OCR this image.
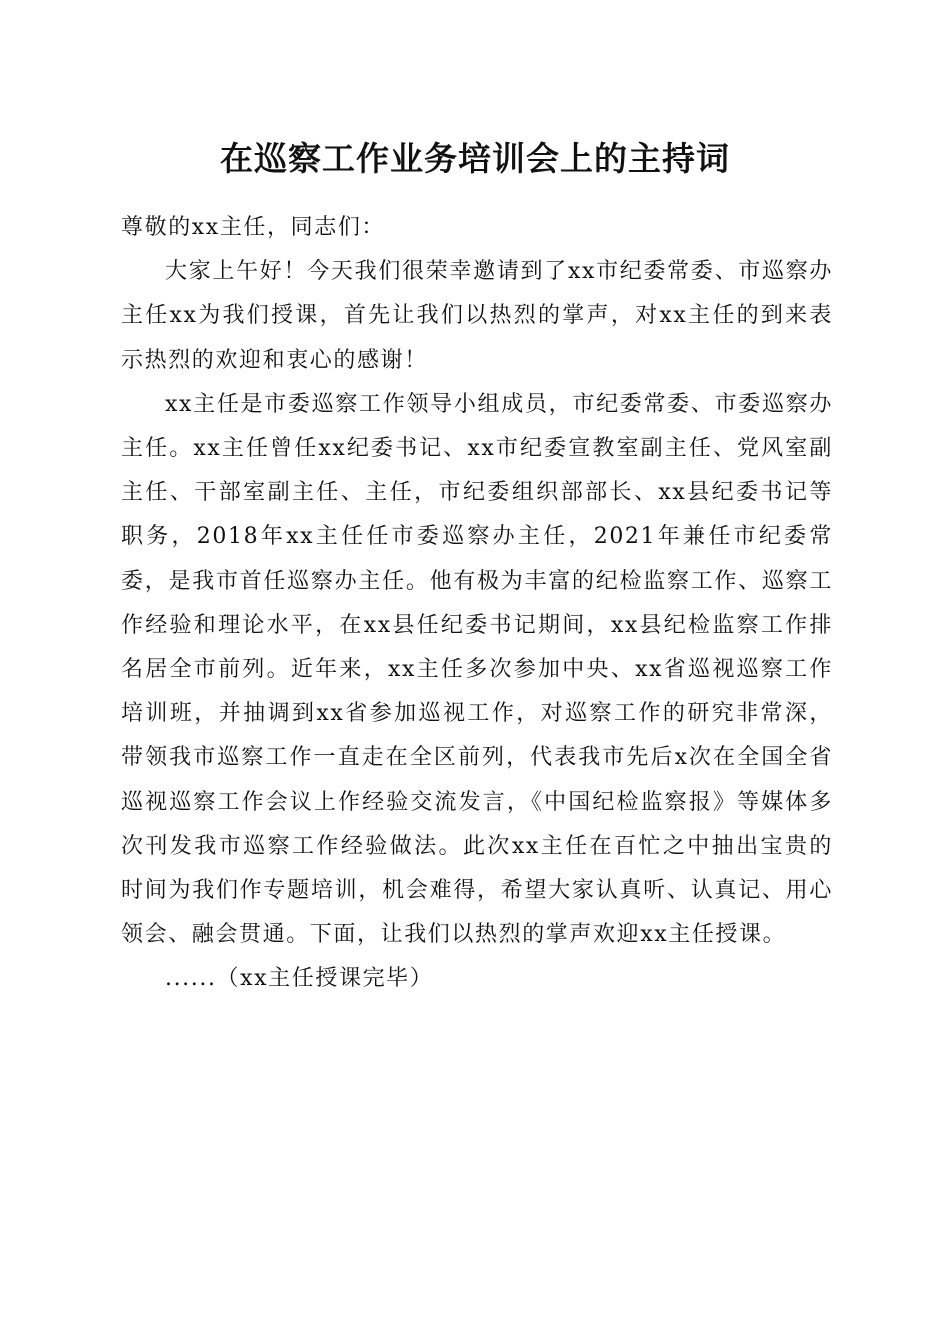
在巡察工作业务培训会上的主持词

尊敬的xx主任，同志们：

大家上午好！今天我们很荣幸邀请到了xx市纪委常委、市巡察办主任xx为我们授课，首先让我们以热烈的掌声，对xx主任的到来表示热烈的欢迎和衷心的感谢！

xx主任是市委巡察工作领导小组成员，市纪委常委、市委巡察办主任。xx主任曾任xx纪委书记、xx市纪委宣教室副主任、党风室副主任、干部室副主任、主任，市纪委组织部部长、xx县纪委书记等职务，2018年xx主任任市委巡察办主任，2021年兼任市纪委常委，是我市首任巡察办主任。他有极为丰富的纪检监察工作、巡察工作经验和理论水平，在xx县任纪委书记期间，xx县纪检监察工作排名居全市前列。近年来，xx主任多次参加中央、xx省巡视巡察工作培训班，并抽调到xx省参加巡视工作，对巡察工作的研究非常深，带领我市巡察工作一直走在全区前列，代表我市先后x次在全国全省巡视巡察工作会议上作经验交流发言，《中国纪检监察报》等媒体多次刊发我市巡察工作经验做法。此次xx主任在百忙之中抽出宝贵的时间为我们作专题培训，机会难得，希望大家认真听、认真记、用心领会、融会贯通。下面，让我们以热烈的掌声欢迎xx主任授课。

......（xx主任授课完毕）
